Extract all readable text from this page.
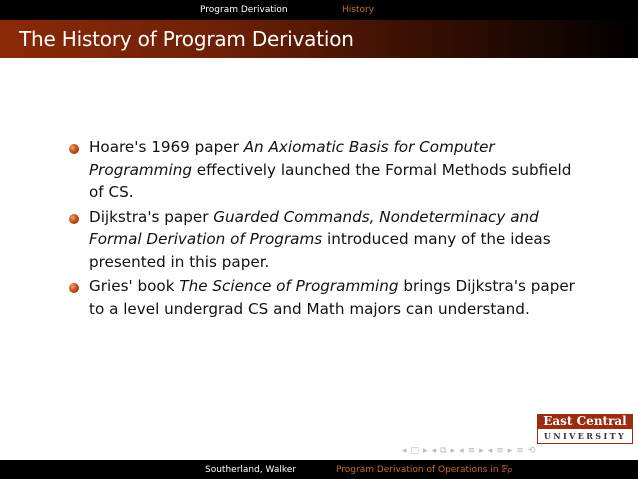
Program Derivation	History
The History of Program Derivation
Hoare's 1969 paper An Axiomatic Basis for Computer Programming effectively launched the Formal Methods subfield of CS.
Dijkstra's paper Guarded Commands, Nondeterminacy and Formal Derivation of Programs introduced many of the ideas presented in this paper.
Gries' book The Science of Programming brings Dijkstra's paper to a level undergrad CS and Math majors can understand.
East Central
UNIVERSITY
◂ □ ▸ ◂ ⧉ ▸ ◂ ≡ ▸ ◂ ≡ ▸ ≡ ⟲
Southerland, Walker	Program Derivation of Operations in
𝔽 p
